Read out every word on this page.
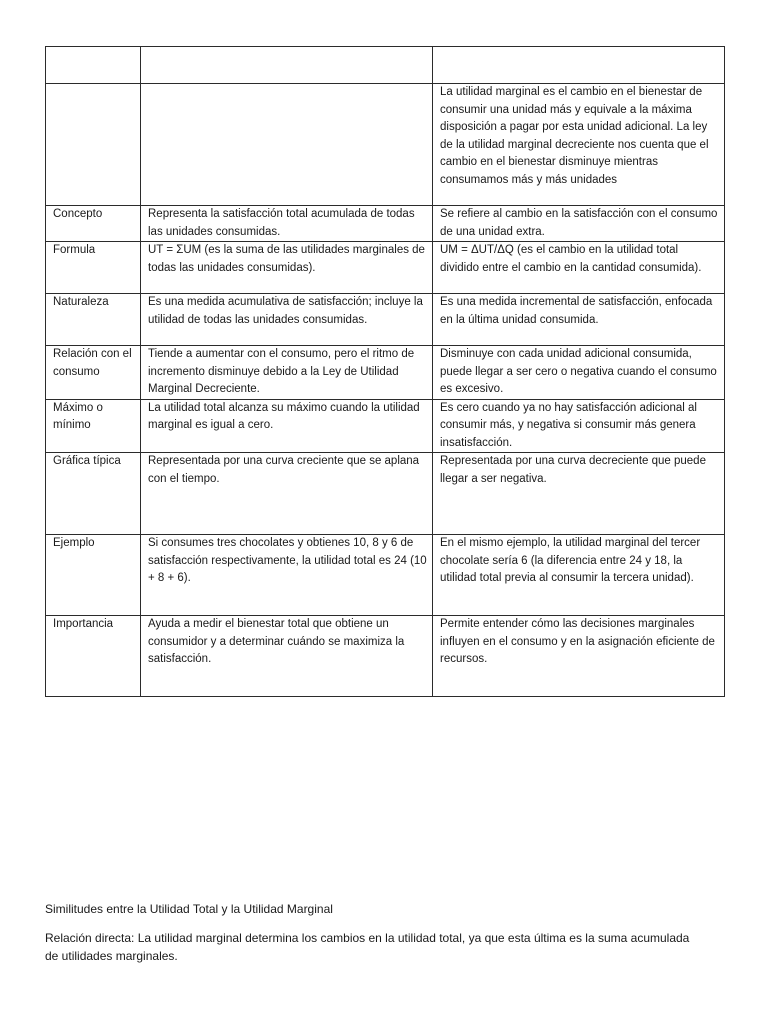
		La utilidad marginal es el cambio en el bienestar de consumir una unidad más y equivale a la máxima disposición a pagar por esta unidad adicional. La ley de la utilidad marginal decreciente nos cuenta que el cambio en el bienestar disminuye mientras consumamos más y más unidades
Concepto	Representa la satisfacción total acumulada de todas las unidades consumidas.	Se refiere al cambio en la satisfacción con el consumo de una unidad extra.
Formula	UT = ΣUM (es la suma de las utilidades marginales de todas las unidades consumidas).	UM = ΔUT/ΔQ (es el cambio en la utilidad total dividido entre el cambio en la cantidad consumida).
Naturaleza	Es una medida acumulativa de satisfacción; incluye la utilidad de todas las unidades consumidas.	Es una medida incremental de satisfacción, enfocada en la última unidad consumida.
Relación con el consumo	Tiende a aumentar con el consumo, pero el ritmo de incremento disminuye debido a la Ley de Utilidad Marginal Decreciente.	Disminuye con cada unidad adicional consumida, puede llegar a ser cero o negativa cuando el consumo es excesivo.
Máximo o mínimo	La utilidad total alcanza su máximo cuando la utilidad marginal es igual a cero.	Es cero cuando ya no hay satisfacción adicional al consumir más, y negativa si consumir más genera insatisfacción.
Gráfica típica	Representada por una curva creciente que se aplana con el tiempo.	Representada por una curva decreciente que puede llegar a ser negativa.
Ejemplo	Si consumes tres chocolates y obtienes 10, 8 y 6 de satisfacción respectivamente, la utilidad total es 24 (10 + 8 + 6).	En el mismo ejemplo, la utilidad marginal del tercer chocolate sería 6 (la diferencia entre 24 y 18, la utilidad total previa al consumir la tercera unidad).
Importancia	Ayuda a medir el bienestar total que obtiene un consumidor y a determinar cuándo se maximiza la satisfacción.	Permite entender cómo las decisiones marginales influyen en el consumo y en la asignación eficiente de recursos.
Similitudes entre la Utilidad Total y la Utilidad Marginal
Relación directa: La utilidad marginal determina los cambios en la utilidad total, ya que esta última es la suma acumulada de utilidades marginales.
